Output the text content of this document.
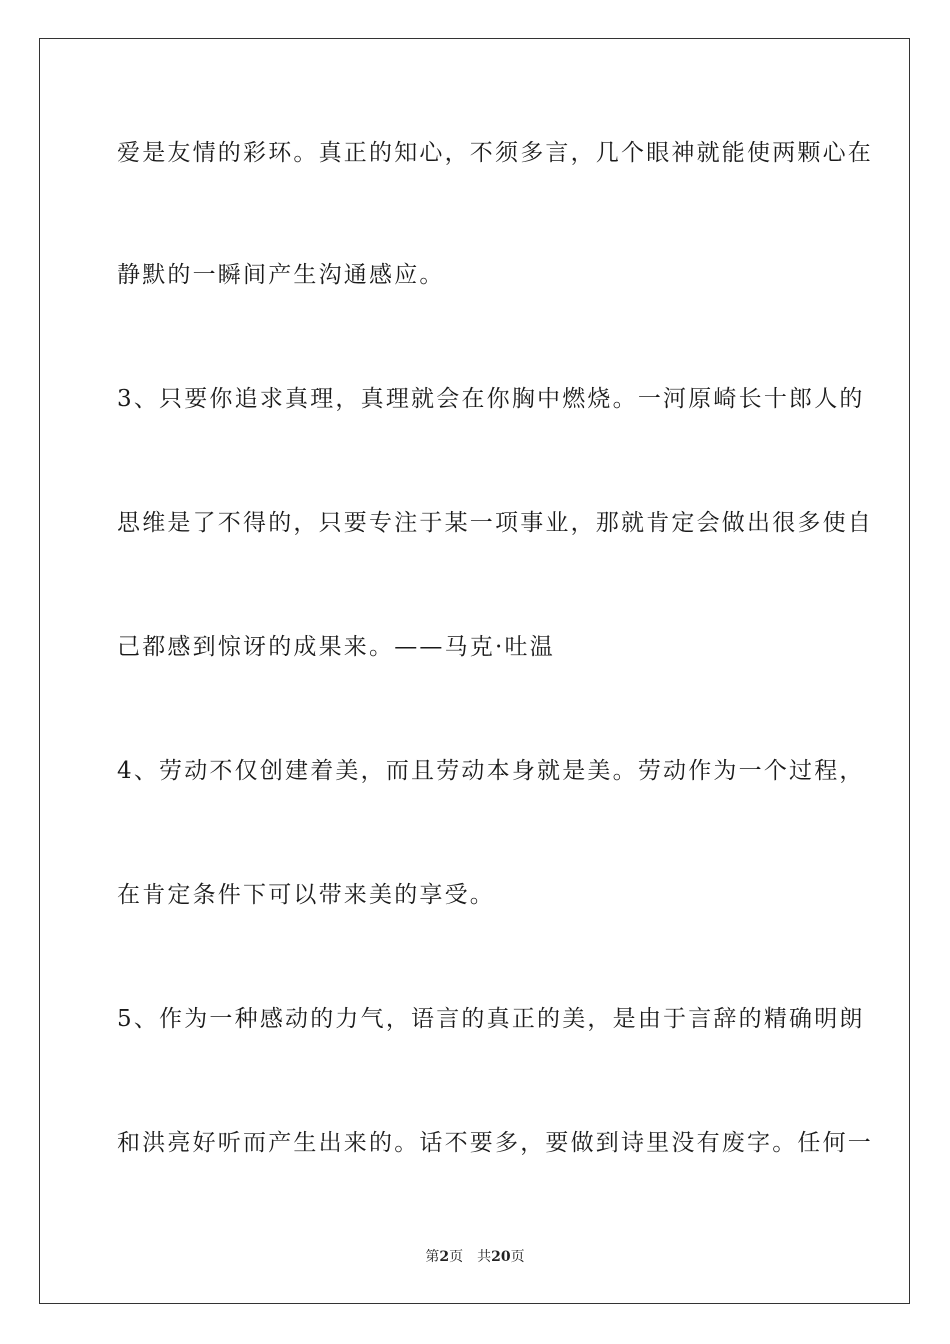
爱是友情的彩环。真正的知心，不须多言，几个眼神就能使两颗心在
静默的一瞬间产生沟通感应。
3、只要你追求真理，真理就会在你胸中燃烧。一河原崎长十郎人的
思维是了不得的，只要专注于某一项事业，那就肯定会做出很多使自
己都感到惊讶的成果来。——马克·吐温
4、劳动不仅创建着美，而且劳动本身就是美。劳动作为一个过程，
在肯定条件下可以带来美的享受。
5、作为一种感动的力气，语言的真正的美，是由于言辞的精确明朗
和洪亮好听而产生出来的。话不要多，要做到诗里没有废字。任何一
第2页 共20页
